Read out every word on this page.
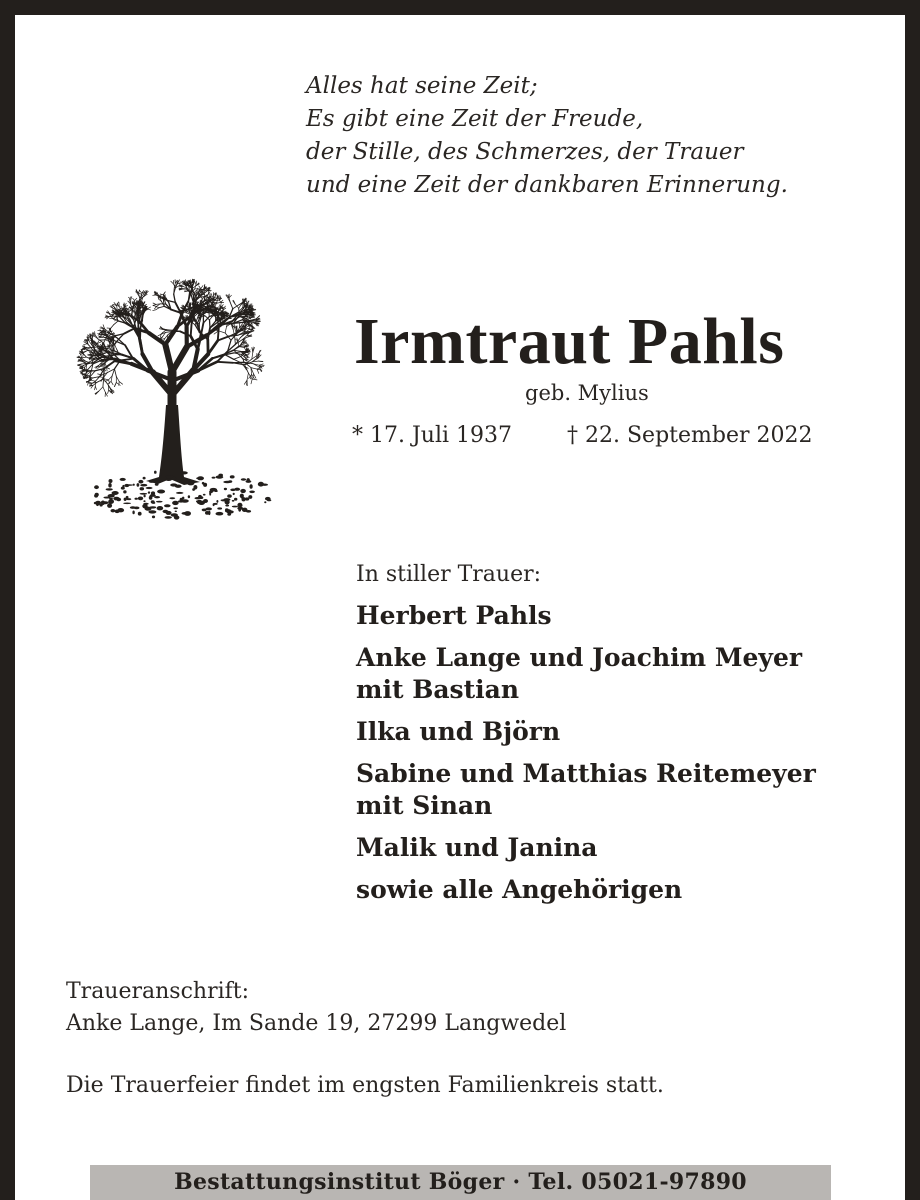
Alles hat seine Zeit;
Es gibt eine Zeit der Freude,
der Stille, des Schmerzes, der Trauer
und eine Zeit der dankbaren Erinnerung.
Irmtraut Pahls
geb. Mylius
* 17. Juli 1937 † 22. September 2022
In stiller Trauer:
Herbert Pahls
Anke Lange und Joachim Meyer
mit Bastian
Ilka und Björn
Sabine und Matthias Reitemeyer
mit Sinan
Malik und Janina
sowie alle Angehörigen
Traueranschrift:
Anke Lange, Im Sande 19, 27299 Langwedel
Die Trauerfeier findet im engsten Familienkreis statt.
Bestattungsinstitut Böger · Tel. 05021-97890
